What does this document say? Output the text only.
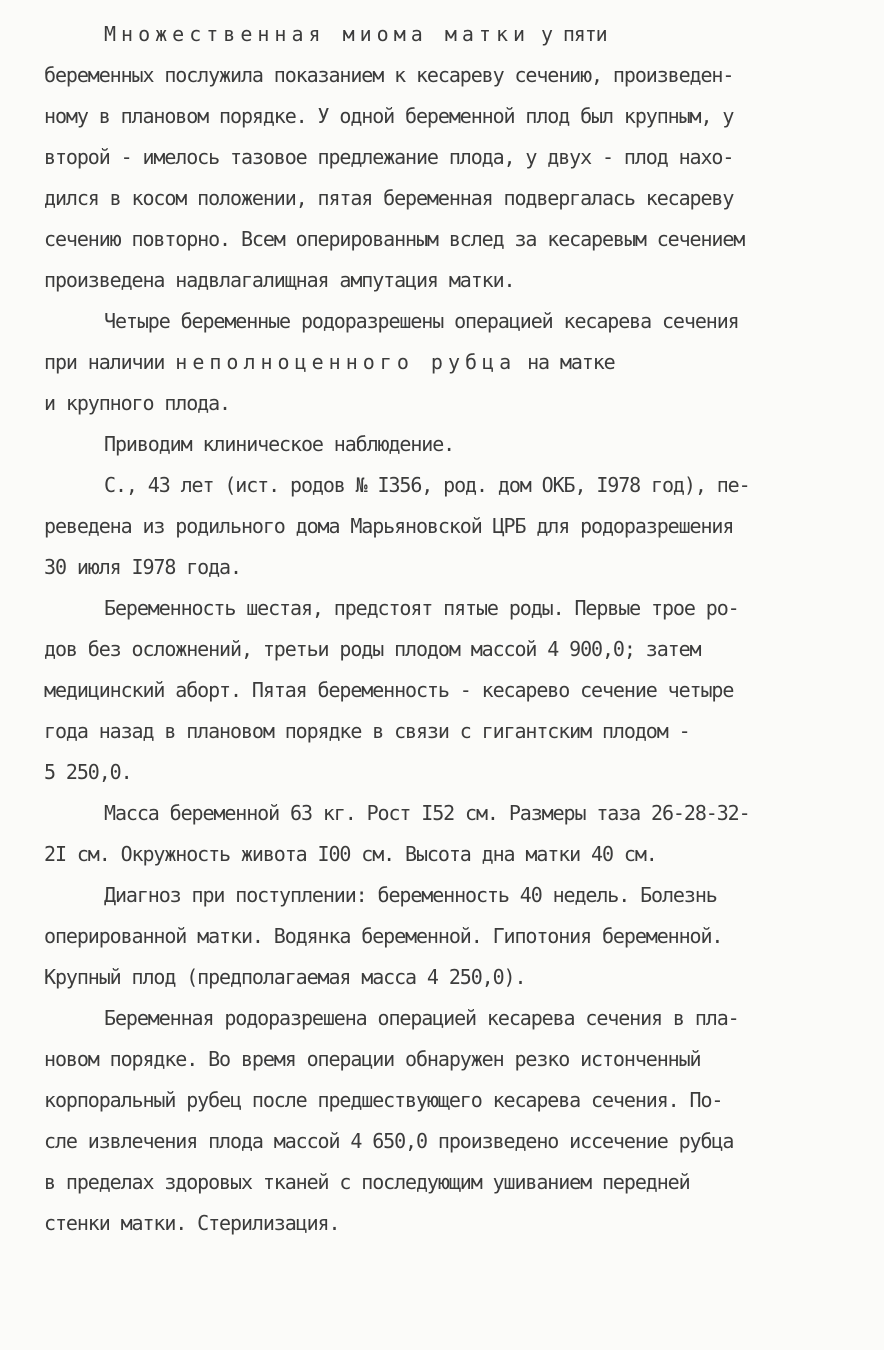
Множественная миома матки у пяти
беременных послужила показанием к кесареву сечению, произведен-
ному в плановом порядке. У одной беременной плод был крупным, у
второй - имелось тазовое предлежание плода, у двух - плод нахо-
дился в косом положении, пятая беременная подвергалась кесареву
сечению повторно. Всем оперированным вслед за кесаревым сечением
произведена надвлагалищная ампутация матки.
Четыре беременные родоразрешены операцией кесарева сечения
при наличии неполноценного рубца на матке
и крупного плода.
Приводим клиническое наблюдение.
С., 43 лет (ист. родов № I356, род. дом ОКБ, I978 год), пе-
реведена из родильного дома Марьяновской ЦРБ для родоразрешения
30 июля I978 года.
Беременность шестая, предстоят пятые роды. Первые трое ро-
дов без осложнений, третьи роды плодом массой 4 900,0; затем
медицинский аборт. Пятая беременность - кесарево сечение четыре
года назад в плановом порядке в связи с гигантским плодом -
5 250,0.
Масса беременной 63 кг. Рост I52 см. Размеры таза 26-28-32-
2I см. Окружность живота I00 см. Высота дна матки 40 см.
Диагноз при поступлении: беременность 40 недель. Болезнь
оперированной матки. Водянка беременной. Гипотония беременной.
Крупный плод (предполагаемая масса 4 250,0).
Беременная родоразрешена операцией кесарева сечения в пла-
новом порядке. Во время операции обнаружен резко истонченный
корпоральный рубец после предшествующего кесарева сечения. По-
сле извлечения плода массой 4 650,0 произведено иссечение рубца
в пределах здоровых тканей с последующим ушиванием передней
стенки матки. Стерилизация.
